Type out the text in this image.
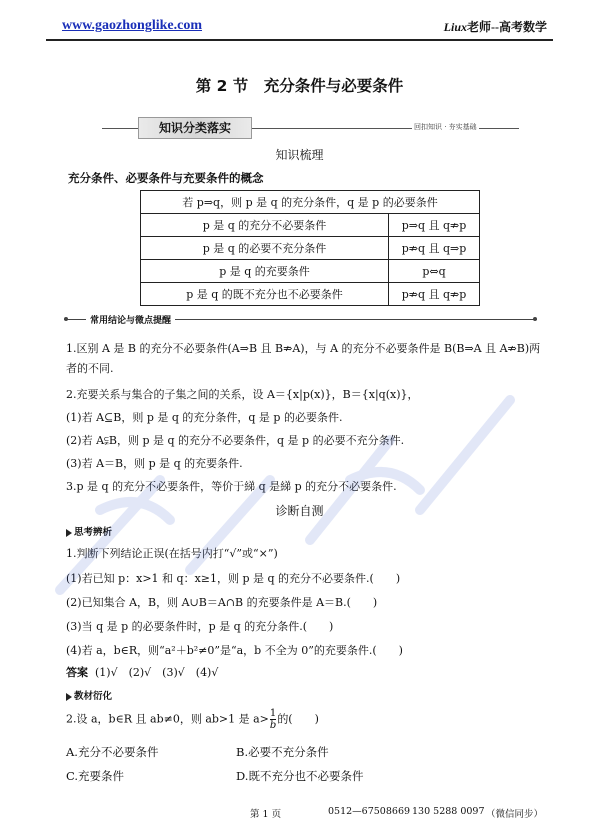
www.gaozhonglike.com	Liux老师--高考数学
第 2 节　充分条件与必要条件
知识分类落实	回扣知识 · 夯实基础
知识梳理
充分条件、必要条件与充要条件的概念
若 p⇒q，则 p 是 q 的充分条件，q 是 p 的必要条件	
p 是 q 的充分不必要条件	p⇒q 且 q⇏p
p 是 q 的必要不充分条件	p⇏q 且 q⇒p
p 是 q 的充要条件	p⇔q
p 是 q 的既不充分也不必要条件	p⇏q 且 q⇏p
常用结论与微点提醒
1.区别 A 是 B 的充分不必要条件(A⇒B 且 B⇏A)，与 A 的充分不必要条件是 B(B⇒A 且 A⇏B)两
者的不同.
2.充要关系与集合的子集之间的关系，设 A＝{x|p(x)}，B＝{x|q(x)}，
(1)若 A⊆B，则 p 是 q 的充分条件，q 是 p 的必要条件.
(2)若 A⫋B，则 p 是 q 的充分不必要条件，q 是 p 的必要不充分条件.
(3)若 A＝B，则 p 是 q 的充要条件.
3.p 是 q 的充分不必要条件，等价于綈 q 是綈 p 的充分不必要条件.
诊断自测
思考辨析
1.判断下列结论正误(在括号内打“√”或“×”)
(1)若已知 p：x>1 和 q：x≥1，则 p 是 q 的充分不必要条件.(　　)
(2)已知集合 A，B，则 A∪B＝A∩B 的充要条件是 A＝B.(　　)
(3)当 q 是 p 的必要条件时，p 是 q 的充分条件.(　　)
(4)若 a，b∈R，则“a²＋b²≠0”是“a，b 不全为 0”的充要条件.(　　)
答案 (1)√　(2)√　(3)√　(4)√
教材衍化
2.设 a，b∈R 且 ab≠0，则 ab>1 是 $a> \frac{1}{b}$ 的(　　)
A.充分不必要条件	B.必要不充分条件
C.充要条件	D.既不充分也不必要条件
第 1 页	0512—67508669 130 5288 0097 （微信同步）
